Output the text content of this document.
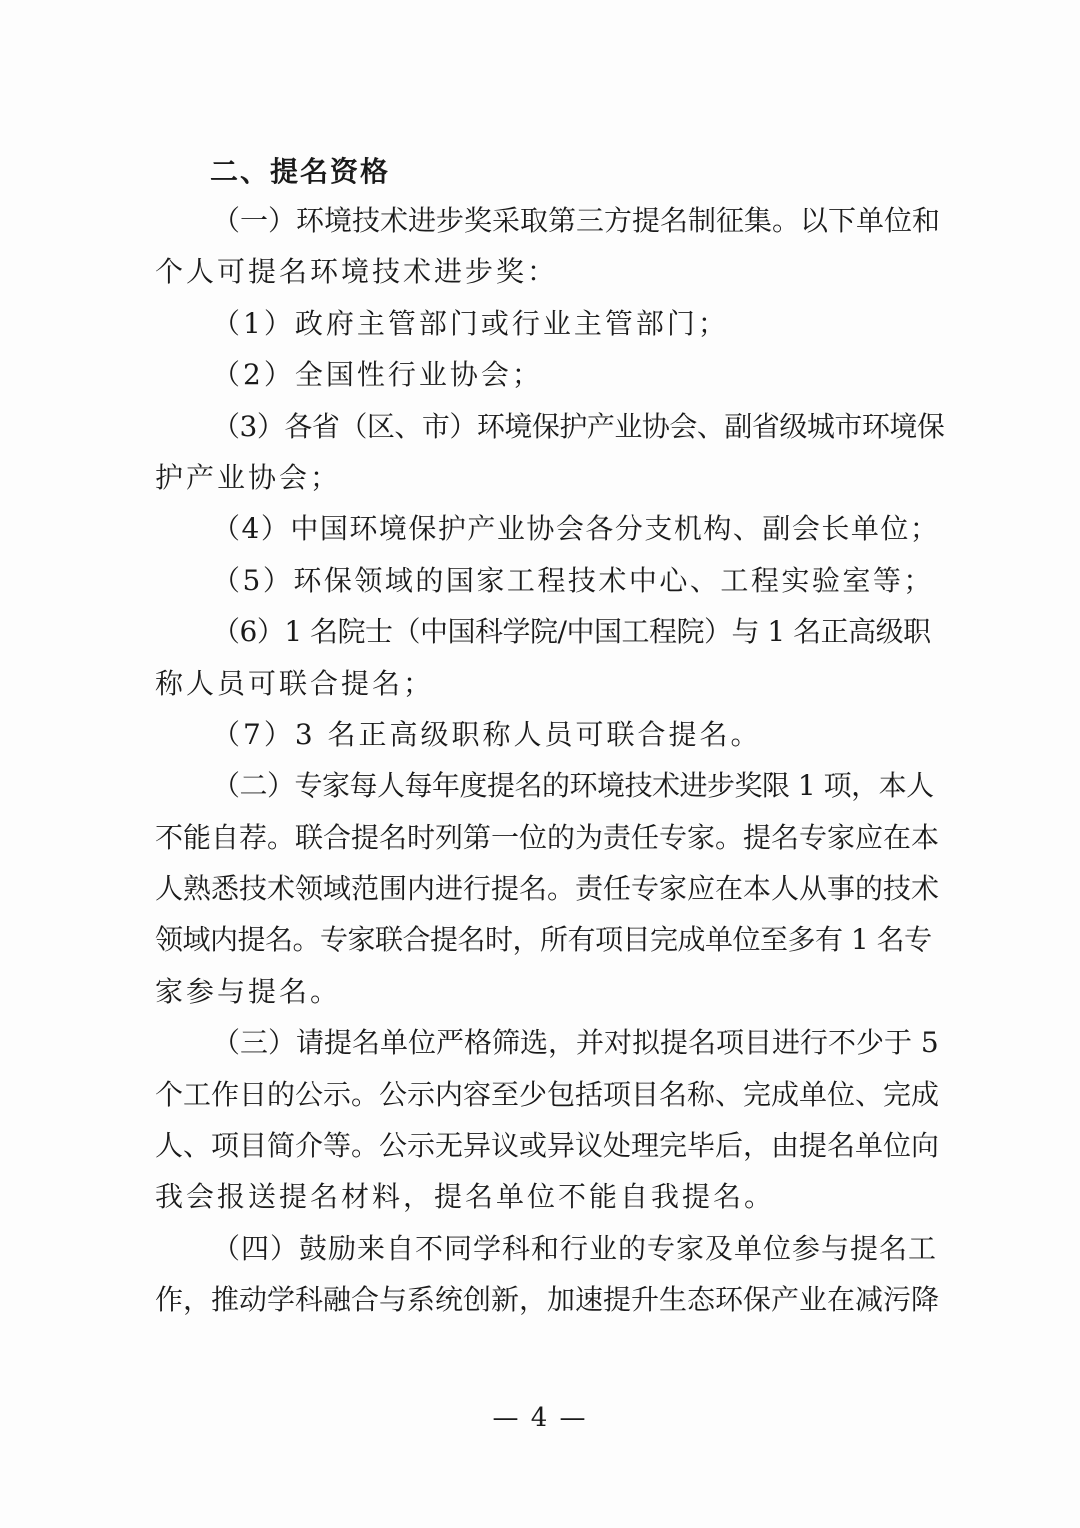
二、提名资格
（一）环境技术进步奖采取第三方提名制征集。以下单位和
个人可提名环境技术进步奖：
（1）政府主管部门或行业主管部门；
（2）全国性行业协会；
（3）各省（区、市）环境保护产业协会、副省级城市环境保
护产业协会；
（4）中国环境保护产业协会各分支机构、副会长单位；
（5）环保领域的国家工程技术中心、工程实验室等；
（6）1 名院士（中国科学院/中国工程院）与 1 名正高级职
称人员可联合提名；
（7）3 名正高级职称人员可联合提名。
（二）专家每人每年度提名的环境技术进步奖限 1 项，本人
不能自荐。联合提名时列第一位的为责任专家。提名专家应在本
人熟悉技术领域范围内进行提名。责任专家应在本人从事的技术
领域内提名。专家联合提名时，所有项目完成单位至多有 1 名专
家参与提名。
（三）请提名单位严格筛选，并对拟提名项目进行不少于 5
个工作日的公示。公示内容至少包括项目名称、完成单位、完成
人、项目简介等。公示无异议或异议处理完毕后，由提名单位向
我会报送提名材料，提名单位不能自我提名。
（四）鼓励来自不同学科和行业的专家及单位参与提名工
作，推动学科融合与系统创新，加速提升生态环保产业在减污降
— 4 —
